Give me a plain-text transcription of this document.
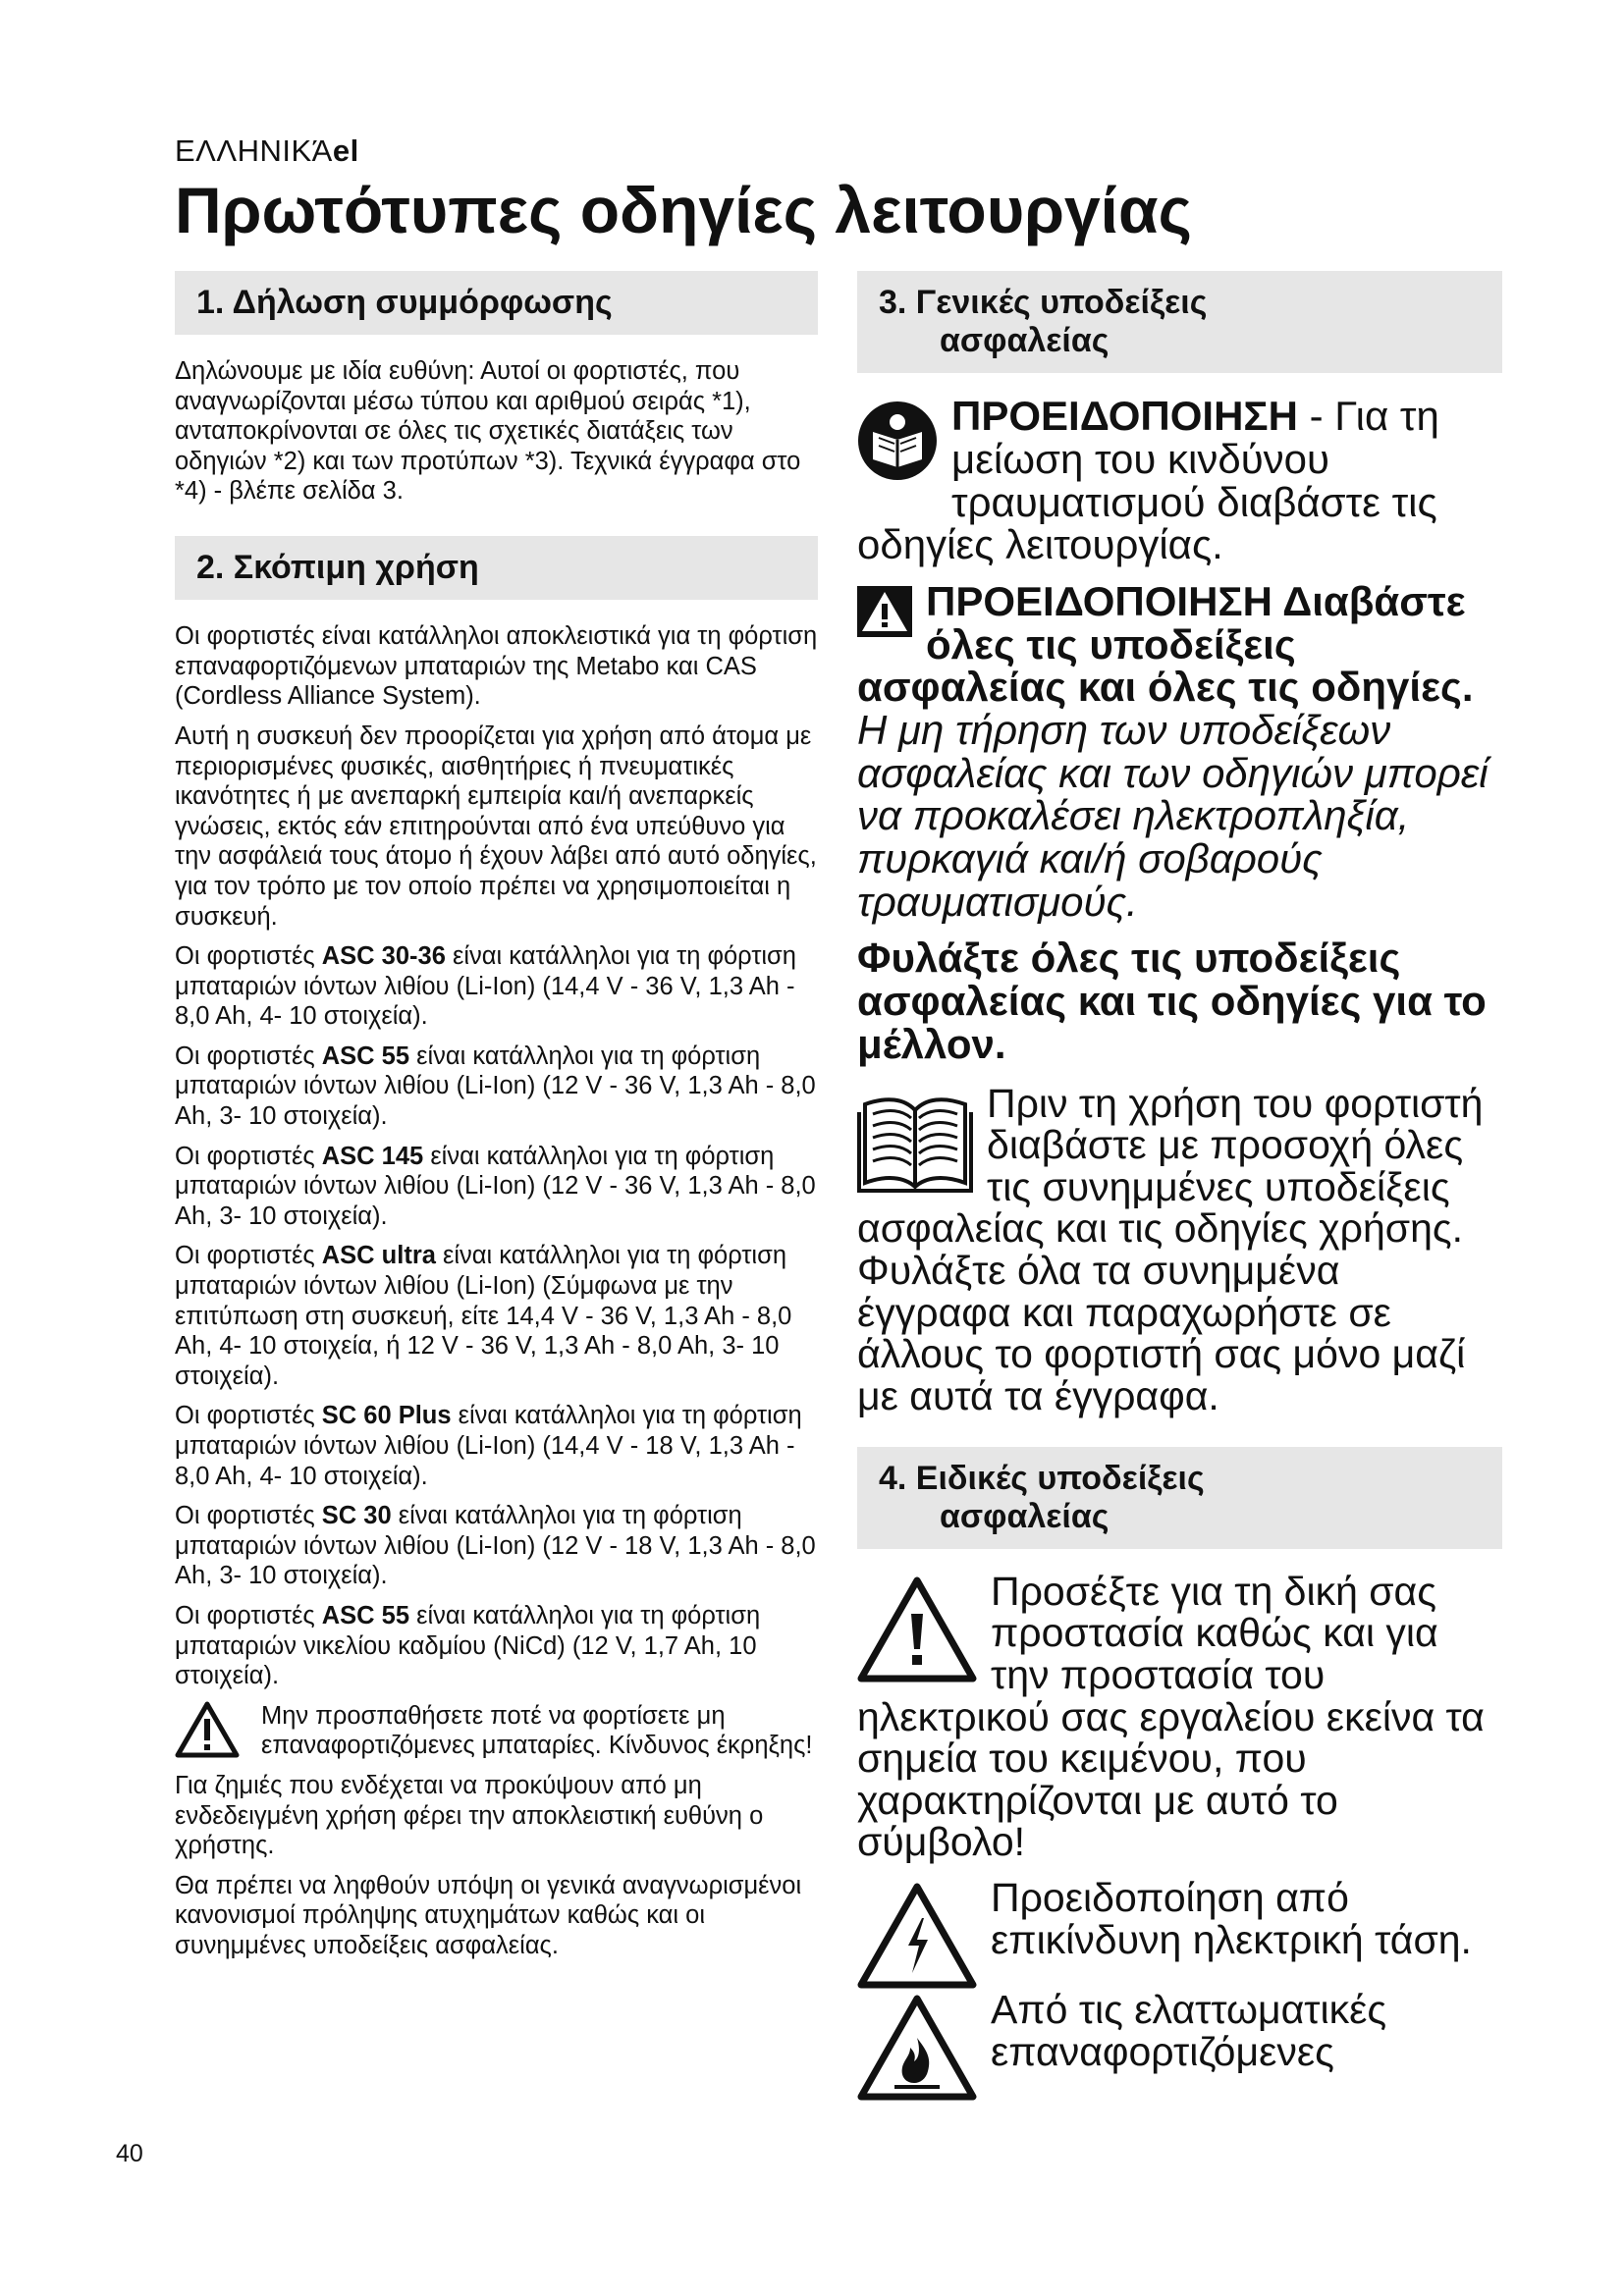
ΕΛΛΗΝΙΚΆel
Πρωτότυπες οδηγίες λειτουργίας
1. Δήλωση συμμόρφωσης

Δηλώνουμε με ιδία ευθύνη: Αυτοί οι φορτιστές, που αναγνωρίζονται μέσω τύπου και αριθμού σειράς *1), ανταποκρίνονται σε όλες τις σχετικές διατάξεις των οδηγιών *2) και των προτύπων *3). Τεχνικά έγγραφα στο *4) - βλέπε σελίδα 3.

2. Σκόπιμη χρήση

Οι φορτιστές είναι κατάλληλοι αποκλειστικά για τη φόρτιση επαναφορτιζόμενων μπαταριών της Metabo και CAS (Cordless Alliance System).

Αυτή η συσκευή δεν προορίζεται για χρήση από άτομα με περιορισμένες φυσικές, αισθητήριες ή πνευματικές ικανότητες ή με ανεπαρκή εμπειρία και/ή ανεπαρκείς γνώσεις, εκτός εάν επιτηρούνται από ένα υπεύθυνο για την ασφάλειά τους άτομο ή έχουν λάβει από αυτό οδηγίες, για τον τρόπο με τον οποίο πρέπει να χρησιμοποιείται η συσκευή.

Οι φορτιστές ASC 30-36 είναι κατάλληλοι για τη φόρτιση μπαταριών ιόντων λιθίου (Li-Ion) (14,4 V - 36 V, 1,3 Ah - 8,0 Ah, 4- 10 στοιχεία).

Οι φορτιστές ASC 55 είναι κατάλληλοι για τη φόρτιση μπαταριών ιόντων λιθίου (Li-Ion) (12 V - 36 V, 1,3 Ah - 8,0 Ah, 3- 10 στοιχεία).

Οι φορτιστές ASC 145 είναι κατάλληλοι για τη φόρτιση μπαταριών ιόντων λιθίου (Li-Ion) (12 V - 36 V, 1,3 Ah - 8,0 Ah, 3- 10 στοιχεία).

Οι φορτιστές ASC ultra είναι κατάλληλοι για τη φόρτιση μπαταριών ιόντων λιθίου (Li-Ion) (Σύμφωνα με την επιτύπωση στη συσκευή, είτε 14,4 V - 36 V, 1,3 Ah - 8,0 Ah, 4- 10 στοιχεία, ή 12 V - 36 V, 1,3 Ah - 8,0 Ah, 3- 10 στοιχεία).

Οι φορτιστές SC 60 Plus είναι κατάλληλοι για τη φόρτιση μπαταριών ιόντων λιθίου (Li-Ion) (14,4 V - 18 V, 1,3 Ah - 8,0 Ah, 4- 10 στοιχεία).

Οι φορτιστές SC 30 είναι κατάλληλοι για τη φόρτιση μπαταριών ιόντων λιθίου (Li-Ion) (12 V - 18 V, 1,3 Ah - 8,0 Ah, 3- 10 στοιχεία).

Οι φορτιστές ASC 55 είναι κατάλληλοι για τη φόρτιση μπαταριών νικελίου καδμίου (NiCd) (12 V, 1,7 Ah, 10 στοιχεία).

Μην προσπαθήσετε ποτέ να φορτίσετε μη επαναφορτιζόμενες μπαταρίες. Κίνδυνος έκρηξης!

Για ζημιές που ενδέχεται να προκύψουν από μη ενδεδειγμένη χρήση φέρει την αποκλειστική ευθύνη ο χρήστης.

Θα πρέπει να ληφθούν υπόψη οι γενικά αναγνωρισμένοι κανονισμοί πρόληψης ατυχημάτων καθώς και οι συνημμένες υποδείξεις ασφαλείας.

3. Γενικές υποδείξεις
ασφαλείας

ΠΡΟΕΙΔΟΠΟΙΗΣΗ - Για τη μείωση του κινδύνου τραυματισμού διαβάστε τις οδηγίες λειτουργίας.

ΠΡΟΕΙΔΟΠΟΙΗΣΗ Διαβάστε όλες τις υποδείξεις ασφαλείας και όλες τις οδηγίες. Η μη τήρηση των υποδείξεων ασφαλείας και των οδηγιών μπορεί να προκαλέσει ηλεκτροπληξία, πυρκαγιά και/ή σοβαρούς τραυματισμούς.

Φυλάξτε όλες τις υποδείξεις ασφαλείας και τις οδηγίες για το μέλλον.

Πριν τη χρήση του φορτιστή διαβάστε με προσοχή όλες τις συνημμένες υποδείξεις ασφαλείας και τις οδηγίες χρήσης. Φυλάξτε όλα τα συνημμένα έγγραφα και παραχωρήστε σε άλλους το φορτιστή σας μόνο μαζί με αυτά τα έγγραφα.

4. Ειδικές υποδείξεις
ασφαλείας

Προσέξτε για τη δική σας προστασία καθώς και για την προστασία του ηλεκτρικού σας εργαλείου εκείνα τα σημεία του κειμένου, που χαρακτηρίζονται με αυτό το σύμβολο!

Προειδοποίηση από επικίνδυνη ηλεκτρική τάση.

Από τις ελαττωματικές επαναφορτιζόμενες

40
